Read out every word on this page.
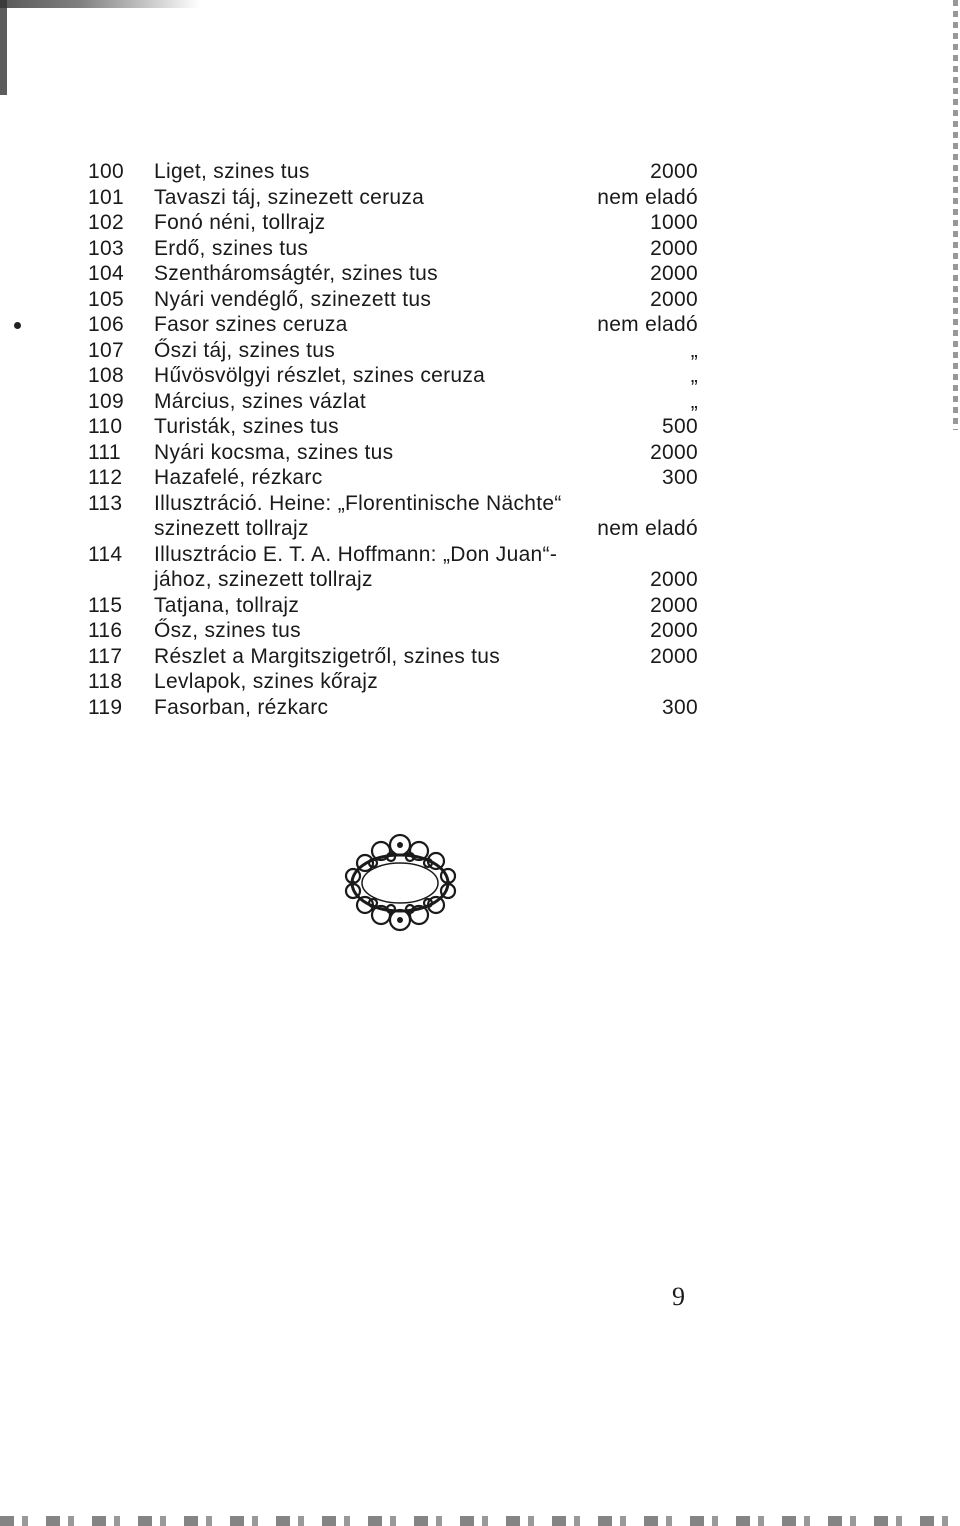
100	Liget, szines tus	2000
101	Tavaszi táj, szinezett ceruza	nem eladó
102	Fonó néni, tollrajz	1000
103	Erdő, szines tus	2000
104	Szentháromságtér, szines tus	2000
105	Nyári vendéglő, szinezett tus	2000
106	Fasor szines ceruza	nem eladó
107	Őszi táj, szines tus	„
108	Hűvösvölgyi részlet, szines ceruza	„
109	Március, szines vázlat	„
110	Turisták, szines tus	500
111	Nyári kocsma, szines tus	2000
112	Hazafelé, rézkarc	300
113	Illusztráció. Heine: „Florentinische Nächte“
szinezett tollrajz	nem eladó
114	Illusztrácio E. T. A. Hoffmann: „Don Juan“-
jához, szinezett tollrajz	2000
115	Tatjana, tollrajz	2000
116	Ősz, szines tus	2000
117	Részlet a Margitszigetről, szines tus	2000
118	Levlapok, szines kőrajz
119	Fasorban, rézkarc	300
9
